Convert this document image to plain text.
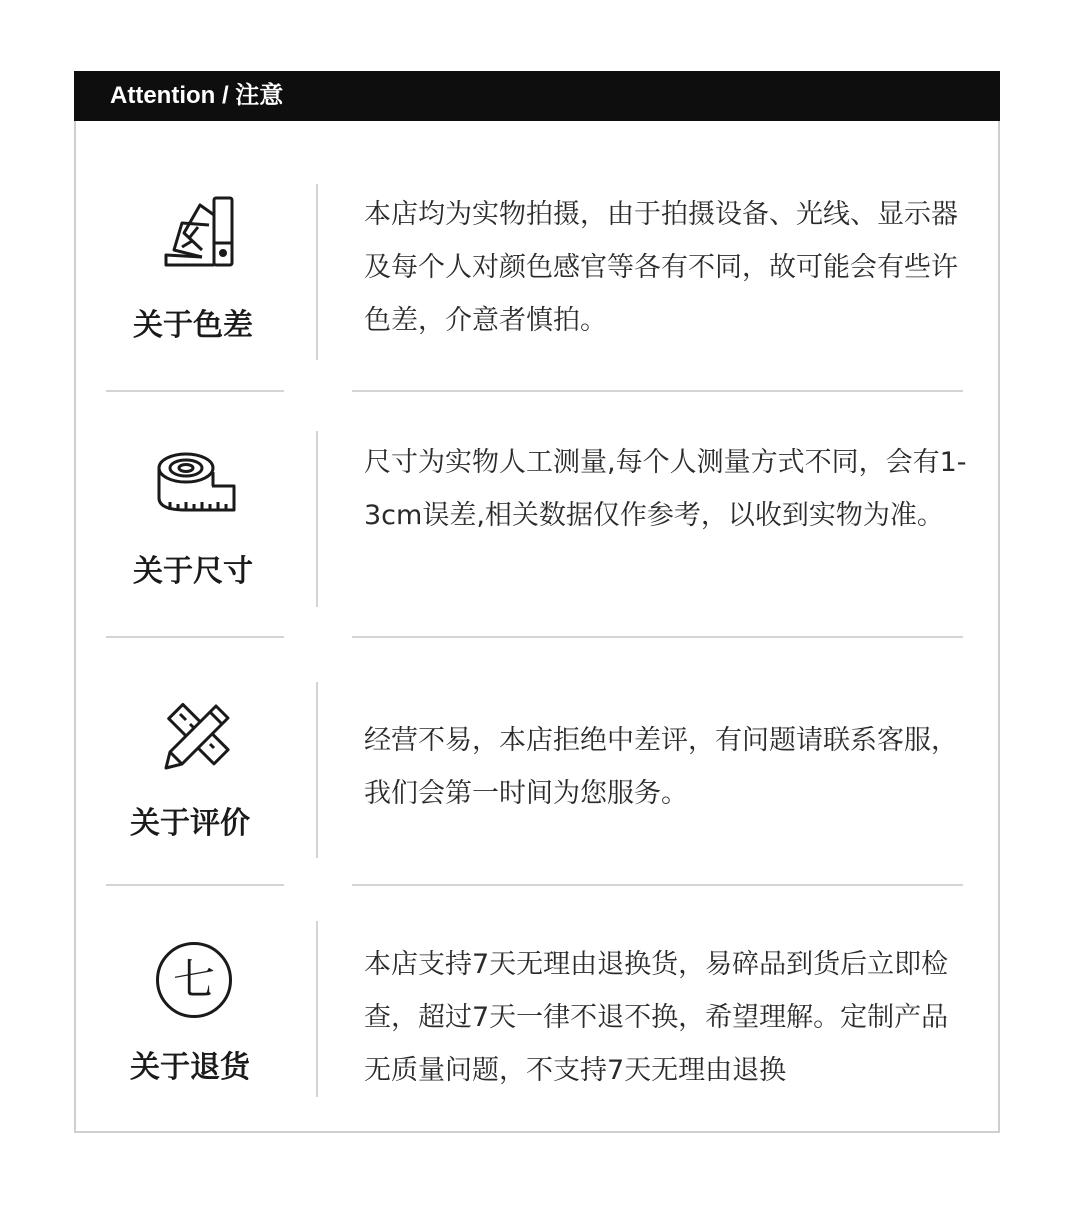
Attention / 注意
关于色差

本店均为实物拍摄，由于拍摄设备、光线、显示器及每个人对颜色感官等各有不同，故可能会有些许色差，介意者慎拍。

关于尺寸

尺寸为实物人工测量,每个人测量方式不同，会有1-3cm误差,相关数据仅作参考，以收到实物为准。

关于评价

经营不易，本店拒绝中差评，有问题请联系客服，我们会第一时间为您服务。

七
关于退货

本店支持7天无理由退换货，易碎品到货后立即检查，超过7天一律不退不换，希望理解。定制产品无质量问题，不支持7天无理由退换
